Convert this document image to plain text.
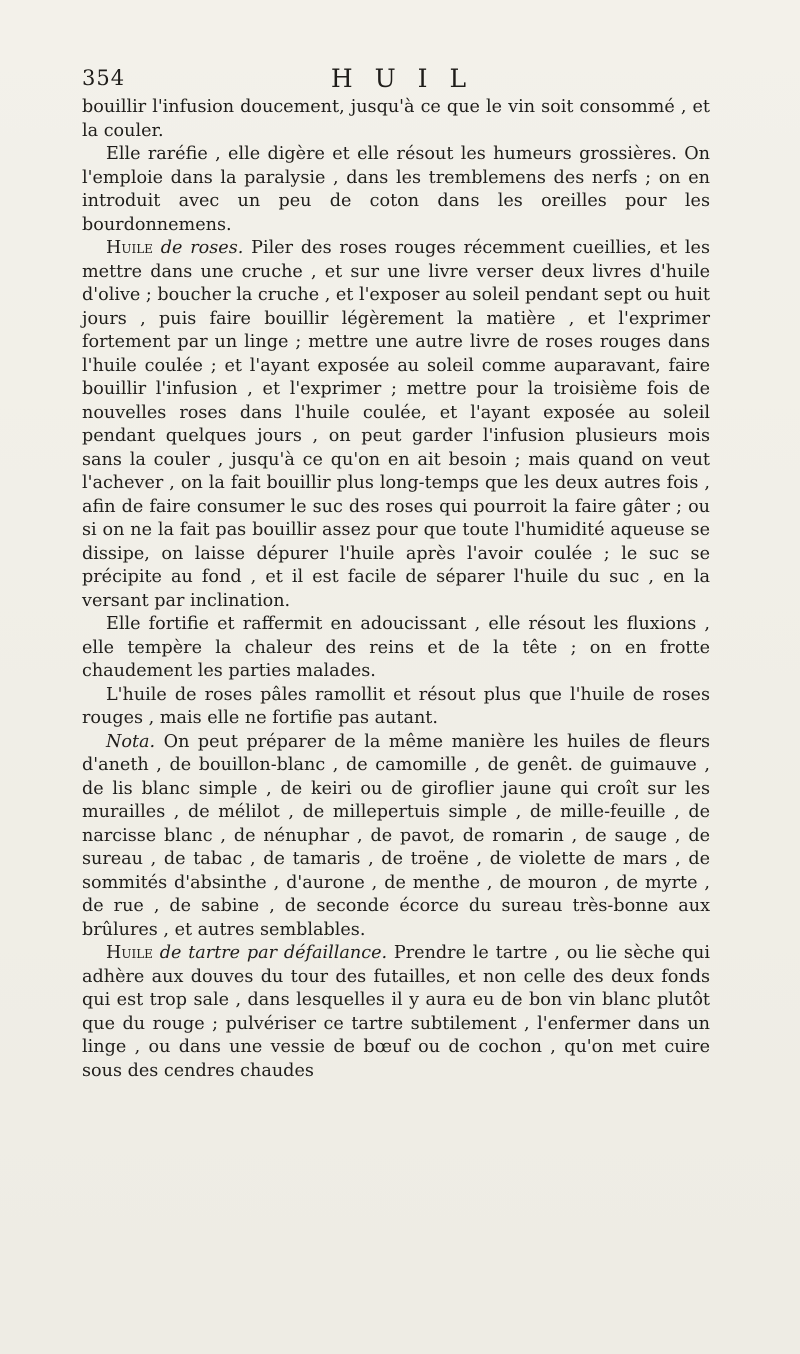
354	H U I L

bouillir l'infusion doucement, jusqu'à ce que le vin soit consommé , et la couler.

Elle raréfie , elle digère et elle résout les humeurs grossières. On l'emploie dans la paralysie , dans les tremblemens des nerfs ; on en introduit avec un peu de coton dans les oreilles pour les bourdonnemens.

Huile de roses. Piler des roses rouges récemment cueillies, et les mettre dans une cruche , et sur une livre verser deux livres d'huile d'olive ; boucher la cruche , et l'exposer au soleil pendant sept ou huit jours , puis faire bouillir légèrement la matière , et l'exprimer fortement par un linge ; mettre une autre livre de roses rouges dans l'huile coulée ; et l'ayant exposée au soleil comme auparavant, faire bouillir l'infusion , et l'exprimer ; mettre pour la troisième fois de nouvelles roses dans l'huile coulée, et l'ayant exposée au soleil pendant quelques jours , on peut garder l'infusion plusieurs mois sans la couler , jusqu'à ce qu'on en ait besoin ; mais quand on veut l'achever , on la fait bouillir plus long-temps que les deux autres fois , afin de faire consumer le suc des roses qui pourroit la faire gâter ; ou si on ne la fait pas bouillir assez pour que toute l'humidité aqueuse se dissipe, on laisse dépurer l'huile après l'avoir coulée ; le suc se précipite au fond , et il est facile de séparer l'huile du suc , en la versant par inclination.

Elle fortifie et raffermit en adoucissant , elle résout les fluxions , elle tempère la chaleur des reins et de la tête ; on en frotte chaudement les parties malades.

L'huile de roses pâles ramollit et résout plus que l'huile de roses rouges , mais elle ne fortifie pas autant.

Nota. On peut préparer de la même manière les huiles de fleurs d'aneth , de bouillon-blanc , de camomille , de genêt. de guimauve , de lis blanc simple , de keiri ou de giroflier jaune qui croît sur les murailles , de mélilot , de millepertuis simple , de mille-feuille , de narcisse blanc , de nénuphar , de pavot, de romarin , de sauge , de sureau , de tabac , de tamaris , de troëne , de violette de mars , de sommités d'absinthe , d'aurone , de menthe , de mouron , de myrte , de rue , de sabine , de seconde écorce du sureau très-bonne aux brûlures , et autres semblables.

Huile de tartre par défaillance. Prendre le tartre , ou lie sèche qui adhère aux douves du tour des futailles, et non celle des deux fonds qui est trop sale , dans lesquelles il y aura eu de bon vin blanc plutôt que du rouge ; pulvériser ce tartre subtilement , l'enfermer dans un linge , ou dans une vessie de bœuf ou de cochon , qu'on met cuire sous des cendres chaudes
